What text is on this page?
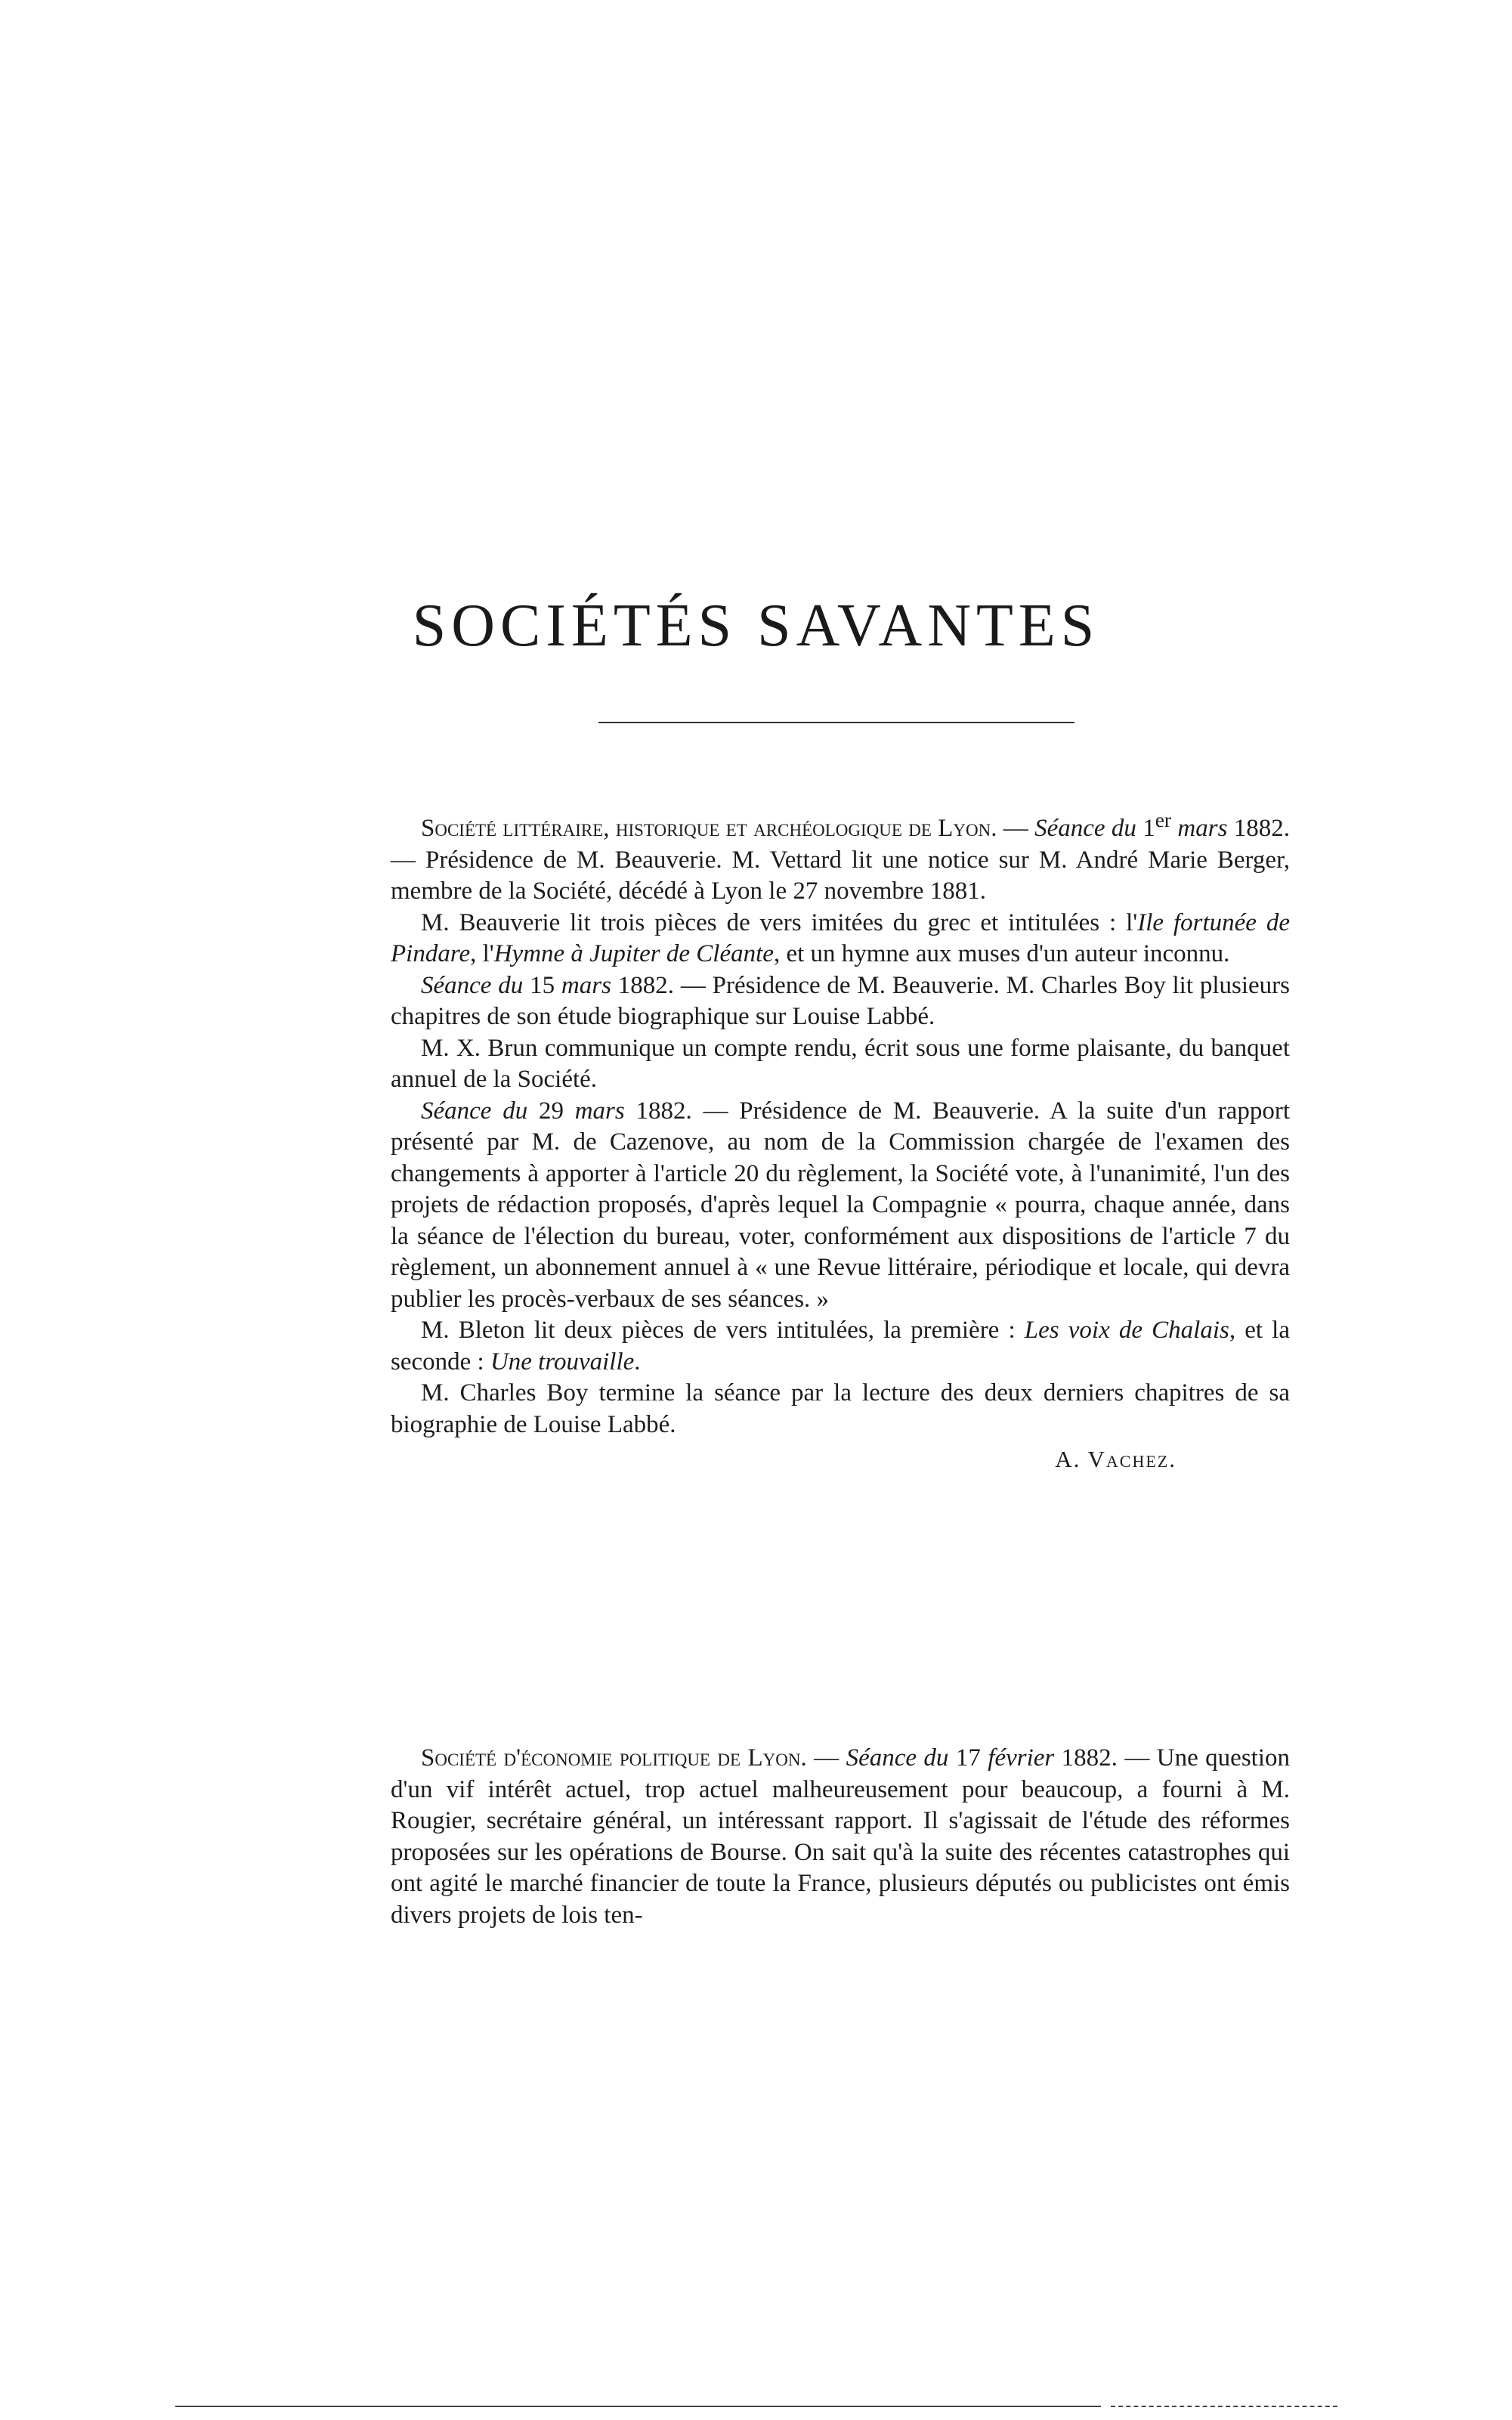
SOCIÉTÉS SAVANTES

Société littéraire, historique et archéologique de Lyon. — Séance du 1er mars 1882. — Présidence de M. Beauverie. M. Vettard lit une notice sur M. André Marie Berger, membre de la Société, décédé à Lyon le 27 novembre 1881.

M. Beauverie lit trois pièces de vers imitées du grec et intitulées : l'Ile fortunée de Pindare, l'Hymne à Jupiter de Cléante, et un hymne aux muses d'un auteur inconnu.

Séance du 15 mars 1882. — Présidence de M. Beauverie. M. Charles Boy lit plusieurs chapitres de son étude biographique sur Louise Labbé.

M. X. Brun communique un compte rendu, écrit sous une forme plaisante, du banquet annuel de la Société.

Séance du 29 mars 1882. — Présidence de M. Beauverie. A la suite d'un rapport présenté par M. de Cazenove, au nom de la Commission chargée de l'examen des changements à apporter à l'article 20 du règlement, la Société vote, à l'unanimité, l'un des projets de rédaction proposés, d'après lequel la Compagnie « pourra, chaque année, dans la séance de l'élection du bureau, voter, conformément aux dispositions de l'article 7 du règlement, un abonnement annuel à « une Revue littéraire, périodique et locale, qui devra publier les procès-verbaux de ses séances. »

M. Bleton lit deux pièces de vers intitulées, la première : Les voix de Chalais, et la seconde : Une trouvaille.

M. Charles Boy termine la séance par la lecture des deux derniers chapitres de sa biographie de Louise Labbé.

A. Vachez.

Société d'économie politique de Lyon. — Séance du 17 février 1882. — Une question d'un vif intérêt actuel, trop actuel malheureusement pour beaucoup, a fourni à M. Rougier, secrétaire général, un intéressant rapport. Il s'agissait de l'étude des réformes proposées sur les opérations de Bourse. On sait qu'à la suite des récentes catastrophes qui ont agité le marché financier de toute la France, plusieurs députés ou publicistes ont émis divers projets de lois ten-
